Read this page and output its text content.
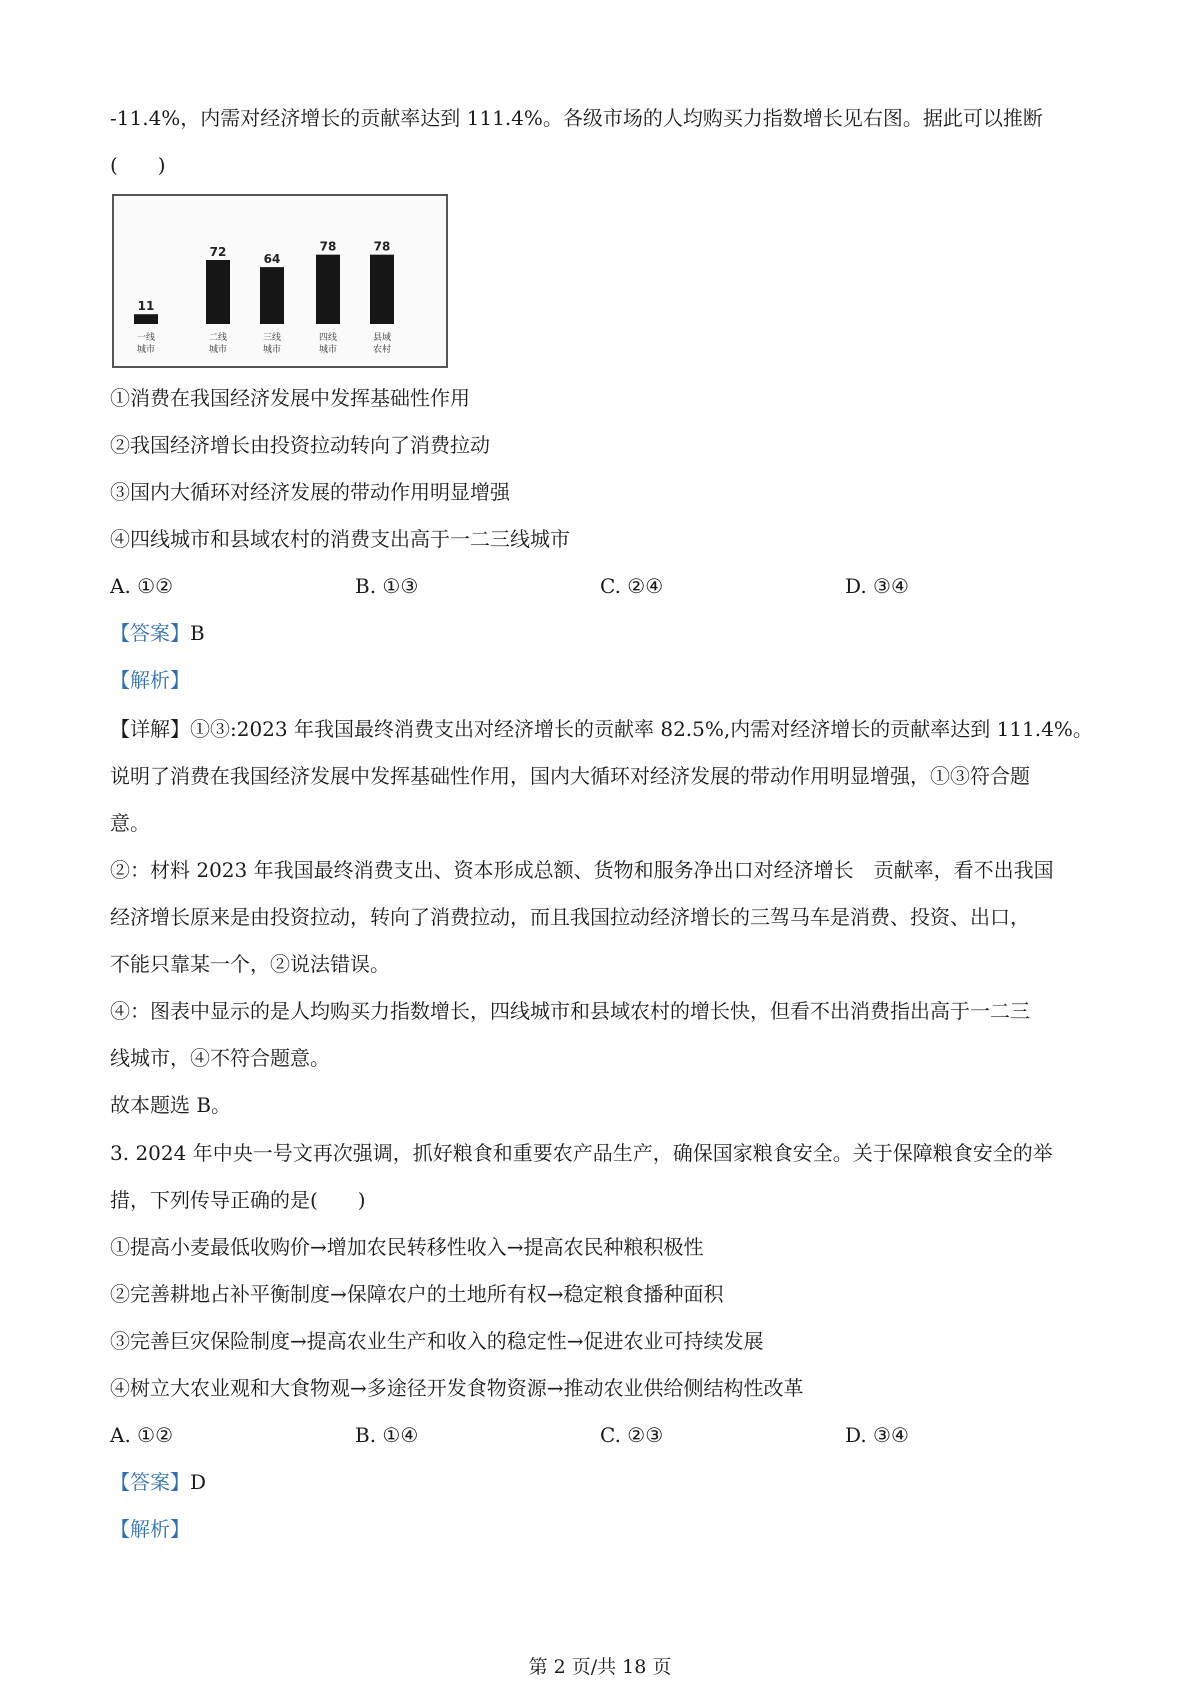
-11.4%，内需对经济增长的贡献率达到 111.4%。各级市场的人均购买力指数增长见右图。据此可以推断
(　　)
11
一线
城市
72
二线
城市
64
三线
城市
78
四线
城市
78
县域
农村
①消费在我国经济发展中发挥基础性作用
②我国经济增长由投资拉动转向了消费拉动
③国内大循环对经济发展的带动作用明显增强
④四线城市和县域农村的消费支出高于一二三线城市
A. ①②	B. ①③	C. ②④	D. ③④
【答案】B
【解析】
【详解】①③:2023 年我国最终消费支出对经济增长的贡献率 82.5%,内需对经济增长的贡献率达到 111.4%。
说明了消费在我国经济发展中发挥基础性作用，国内大循环对经济发展的带动作用明显增强，①③符合题
意。
②：材料 2023 年我国最终消费支出、资本形成总额、货物和服务净出口对经济增长　贡献率，看不出我国
经济增长原来是由投资拉动，转向了消费拉动，而且我国拉动经济增长的三驾马车是消费、投资、出口，
不能只靠某一个，②说法错误。
④：图表中显示的是人均购买力指数增长，四线城市和县域农村的增长快，但看不出消费指出高于一二三
线城市，④不符合题意。
故本题选 B。
3. 2024 年中央一号文再次强调，抓好粮食和重要农产品生产，确保国家粮食安全。关于保障粮食安全的举
措，下列传导正确的是(　　)
①提高小麦最低收购价→增加农民转移性收入→提高农民种粮积极性
②完善耕地占补平衡制度→保障农户的土地所有权→稳定粮食播种面积
③完善巨灾保险制度→提高农业生产和收入的稳定性→促进农业可持续发展
④树立大农业观和大食物观→多途径开发食物资源→推动农业供给侧结构性改革
A. ①②	B. ①④	C. ②③	D. ③④
【答案】D
【解析】
第 2 页/共 18 页
